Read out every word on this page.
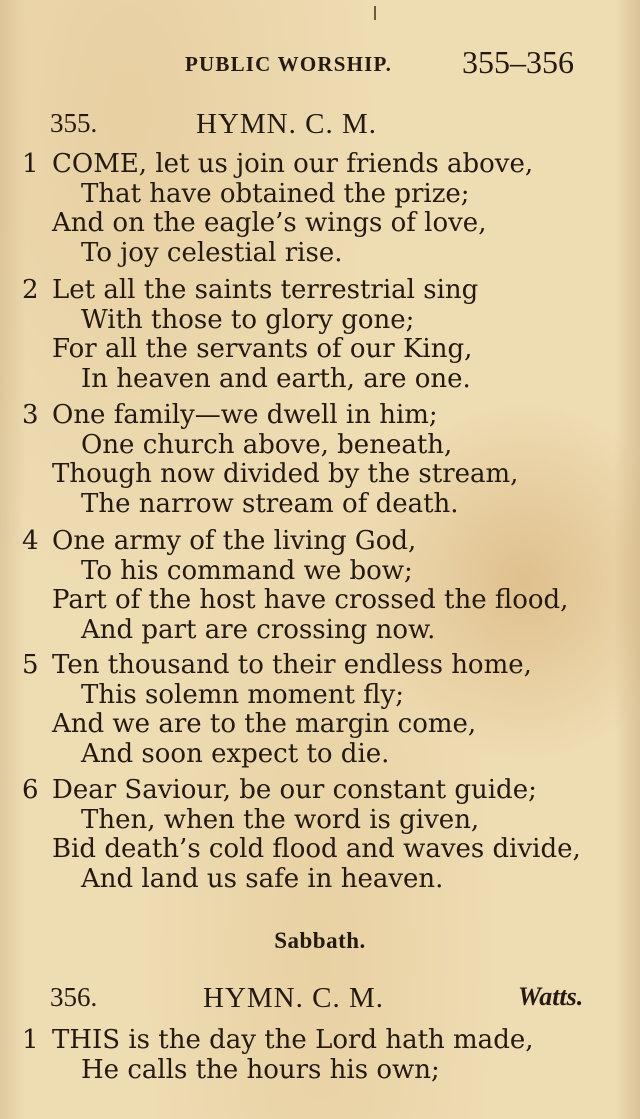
PUBLIC WORSHIP. 355–356
355.	HYMN. C. M.
1 COME, let us join our friends above,
That have obtained the prize;
And on the eagle’s wings of love,
To joy celestial rise.
2 Let all the saints terrestrial sing
With those to glory gone;
For all the servants of our King,
In heaven and earth, are one.
3 One family—we dwell in him;
One church above, beneath,
Though now divided by the stream,
The narrow stream of death.
4 One army of the living God,
To his command we bow;
Part of the host have crossed the flood,
And part are crossing now.
5 Ten thousand to their endless home,
This solemn moment fly;
And we are to the margin come,
And soon expect to die.
6 Dear Saviour, be our constant guide;
Then, when the word is given,
Bid death’s cold flood and waves divide,
And land us safe in heaven.
Sabbath.
356.	HYMN. C. M.	Watts.
1 THIS is the day the Lord hath made,
He calls the hours his own;
